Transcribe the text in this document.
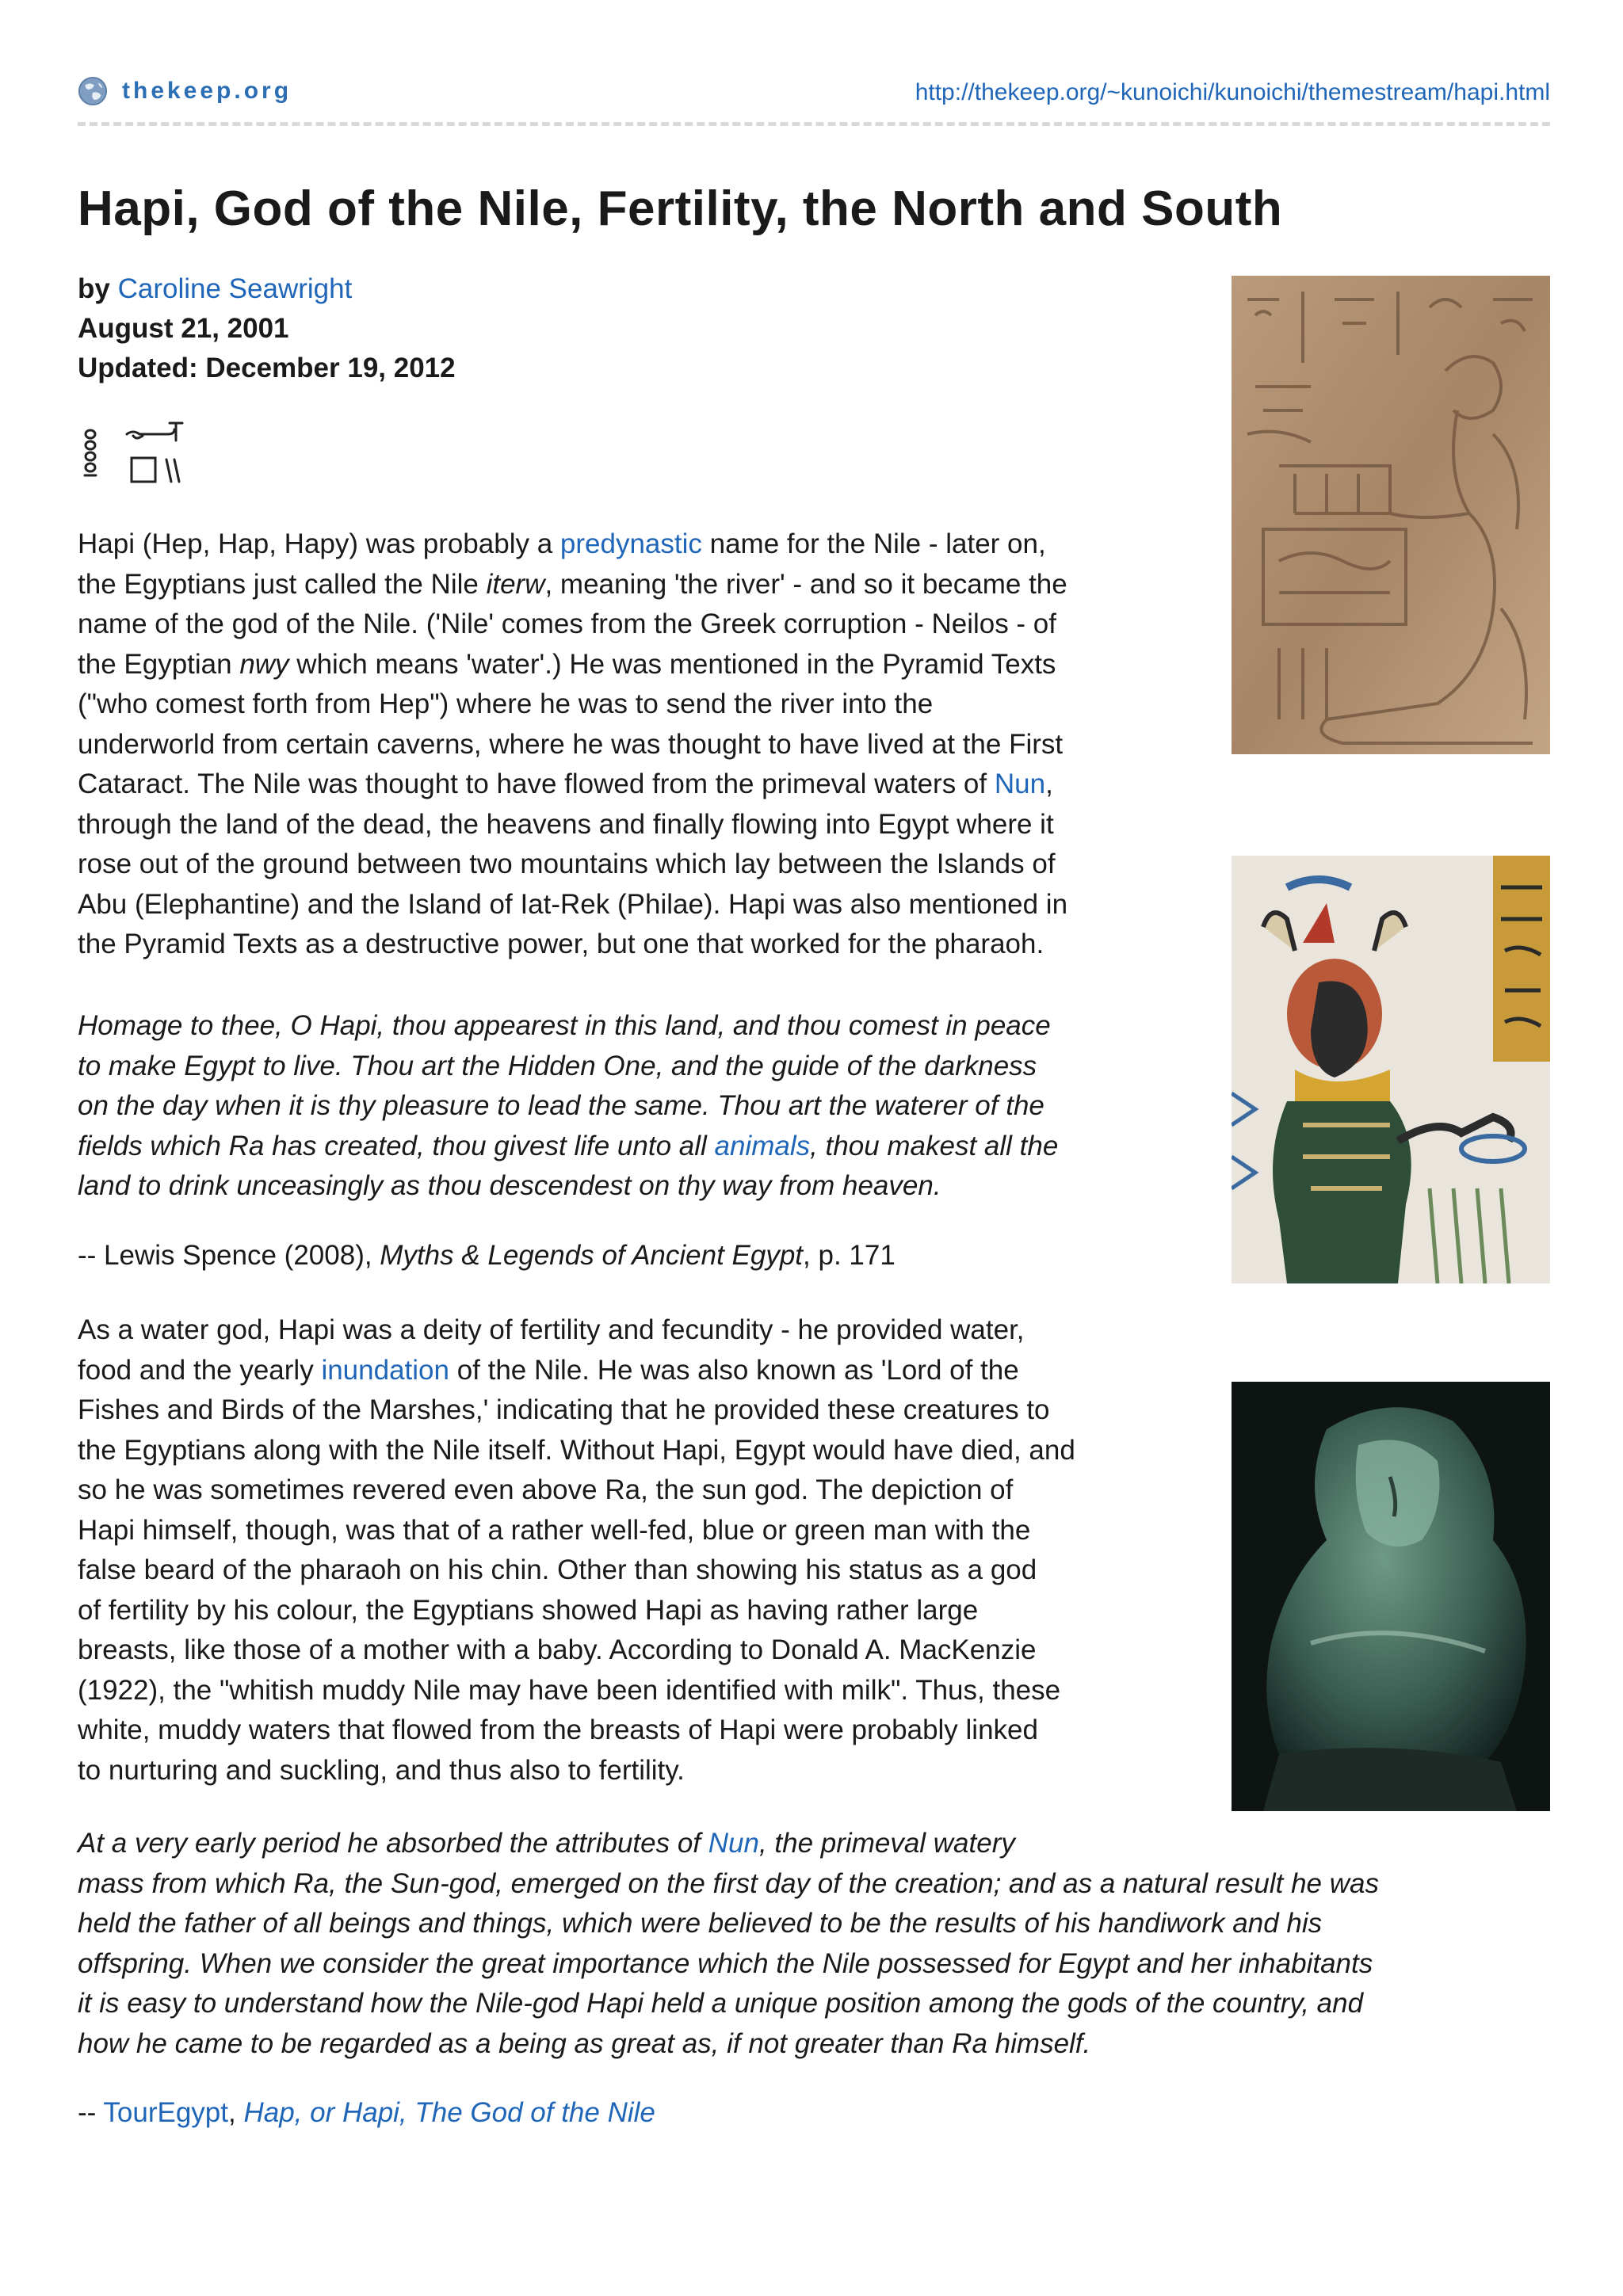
thekeep.org	http://thekeep.org/~kunoichi/kunoichi/themestream/hapi.html
Hapi, God of the Nile, Fertility, the North and South
by Caroline Seawright
August 21, 2001
Updated: December 19, 2012

Hapi (Hep, Hap, Hapy) was probably a predynastic name for the Nile - later on,

the Egyptians just called the Nile iterw, meaning 'the river' - and so it became the

name of the god of the Nile. ('Nile' comes from the Greek corruption - Neilos - of

the Egyptian nwy which means 'water'.) He was mentioned in the Pyramid Texts

("who comest forth from Hep") where he was to send the river into the

underworld from certain caverns, where he was thought to have lived at the First

Cataract. The Nile was thought to have flowed from the primeval waters of Nun,

through the land of the dead, the heavens and finally flowing into Egypt where it

rose out of the ground between two mountains which lay between the Islands of

Abu (Elephantine) and the Island of Iat-Rek (Philae). Hapi was also mentioned in

the Pyramid Texts as a destructive power, but one that worked for the pharaoh.

Homage to thee, O Hapi, thou appearest in this land, and thou comest in peace

to make Egypt to live. Thou art the Hidden One, and the guide of the darkness

on the day when it is thy pleasure to lead the same. Thou art the waterer of the

fields which Ra has created, thou givest life unto all animals, thou makest all the

land to drink unceasingly as thou descendest on thy way from heaven.

-- Lewis Spence (2008), Myths & Legends of Ancient Egypt, p. 171

As a water god, Hapi was a deity of fertility and fecundity - he provided water,

food and the yearly inundation of the Nile. He was also known as 'Lord of the

Fishes and Birds of the Marshes,' indicating that he provided these creatures to

the Egyptians along with the Nile itself. Without Hapi, Egypt would have died, and

so he was sometimes revered even above Ra, the sun god. The depiction of

Hapi himself, though, was that of a rather well-fed, blue or green man with the

false beard of the pharaoh on his chin. Other than showing his status as a god

of fertility by his colour, the Egyptians showed Hapi as having rather large

breasts, like those of a mother with a baby. According to Donald A. MacKenzie

(1922), the "whitish muddy Nile may have been identified with milk". Thus, these

white, muddy waters that flowed from the breasts of Hapi were probably linked

to nurturing and suckling, and thus also to fertility.

At a very early period he absorbed the attributes of Nun, the primeval watery

mass from which Ra, the Sun-god, emerged on the first day of the creation; and as a natural result he was

held the father of all beings and things, which were believed to be the results of his handiwork and his

offspring. When we consider the great importance which the Nile possessed for Egypt and her inhabitants

it is easy to understand how the Nile-god Hapi held a unique position among the gods of the country, and

how he came to be regarded as a being as great as, if not greater than Ra himself.

-- TourEgypt, Hap, or Hapi, The God of the Nile
